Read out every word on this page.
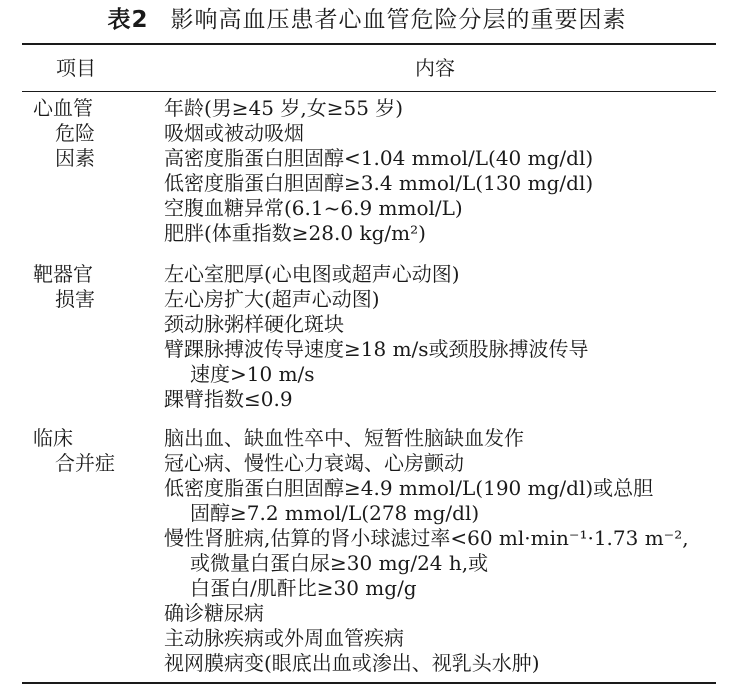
表2 影响高血压患者心血管危险分层的重要因素
项目	内容
心血管
危险
因素
年龄(男≥45 岁,女≥55 岁)
吸烟或被动吸烟
高密度脂蛋白胆固醇<1.04 mmol/L(40 mg/dl)
低密度脂蛋白胆固醇≥3.4 mmol/L(130 mg/dl)
空腹血糖异常(6.1~6.9 mmol/L)
肥胖(体重指数≥28.0 kg/m²)
靶器官
损害
左心室肥厚(心电图或超声心动图)
左心房扩大(超声心动图)
颈动脉粥样硬化斑块
臂踝脉搏波传导速度≥18 m/s或颈股脉搏波传导
速度>10 m/s
踝臂指数≤0.9
临床
合并症
脑出血、缺血性卒中、短暂性脑缺血发作
冠心病、慢性心力衰竭、心房颤动
低密度脂蛋白胆固醇≥4.9 mmol/L(190 mg/dl)或总胆
固醇≥7.2 mmol/L(278 mg/dl)
慢性肾脏病,估算的肾小球滤过率<60 ml·min⁻¹·1.73 m⁻²,
或微量白蛋白尿≥30 mg/24 h,或
白蛋白/肌酐比≥30 mg/g
确诊糖尿病
主动脉疾病或外周血管疾病
视网膜病变(眼底出血或渗出、视乳头水肿)
